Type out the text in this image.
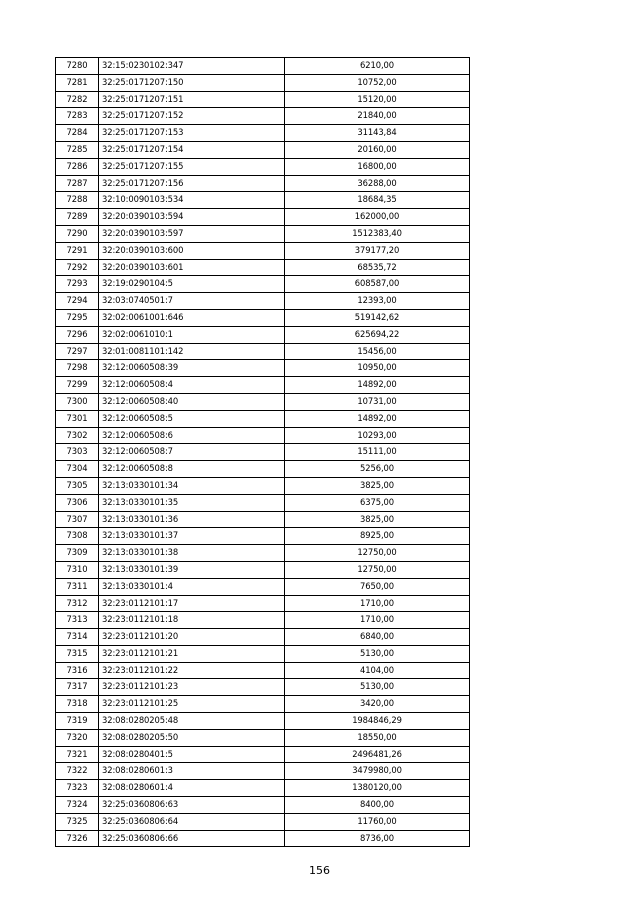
7280	32:15:0230102:347	6210,00
7281	32:25:0171207:150	10752,00
7282	32:25:0171207:151	15120,00
7283	32:25:0171207:152	21840,00
7284	32:25:0171207:153	31143,84
7285	32:25:0171207:154	20160,00
7286	32:25:0171207:155	16800,00
7287	32:25:0171207:156	36288,00
7288	32:10:0090103:534	18684,35
7289	32:20:0390103:594	162000,00
7290	32:20:0390103:597	1512383,40
7291	32:20:0390103:600	379177,20
7292	32:20:0390103:601	68535,72
7293	32:19:0290104:5	608587,00
7294	32:03:0740501:7	12393,00
7295	32:02:0061001:646	519142,62
7296	32:02:0061010:1	625694,22
7297	32:01:0081101:142	15456,00
7298	32:12:0060508:39	10950,00
7299	32:12:0060508:4	14892,00
7300	32:12:0060508:40	10731,00
7301	32:12:0060508:5	14892,00
7302	32:12:0060508:6	10293,00
7303	32:12:0060508:7	15111,00
7304	32:12:0060508:8	5256,00
7305	32:13:0330101:34	3825,00
7306	32:13:0330101:35	6375,00
7307	32:13:0330101:36	3825,00
7308	32:13:0330101:37	8925,00
7309	32:13:0330101:38	12750,00
7310	32:13:0330101:39	12750,00
7311	32:13:0330101:4	7650,00
7312	32:23:0112101:17	1710,00
7313	32:23:0112101:18	1710,00
7314	32:23:0112101:20	6840,00
7315	32:23:0112101:21	5130,00
7316	32:23:0112101:22	4104,00
7317	32:23:0112101:23	5130,00
7318	32:23:0112101:25	3420,00
7319	32:08:0280205:48	1984846,29
7320	32:08:0280205:50	18550,00
7321	32:08:0280401:5	2496481,26
7322	32:08:0280601:3	3479980,00
7323	32:08:0280601:4	1380120,00
7324	32:25:0360806:63	8400,00
7325	32:25:0360806:64	11760,00
7326	32:25:0360806:66	8736,00
156
